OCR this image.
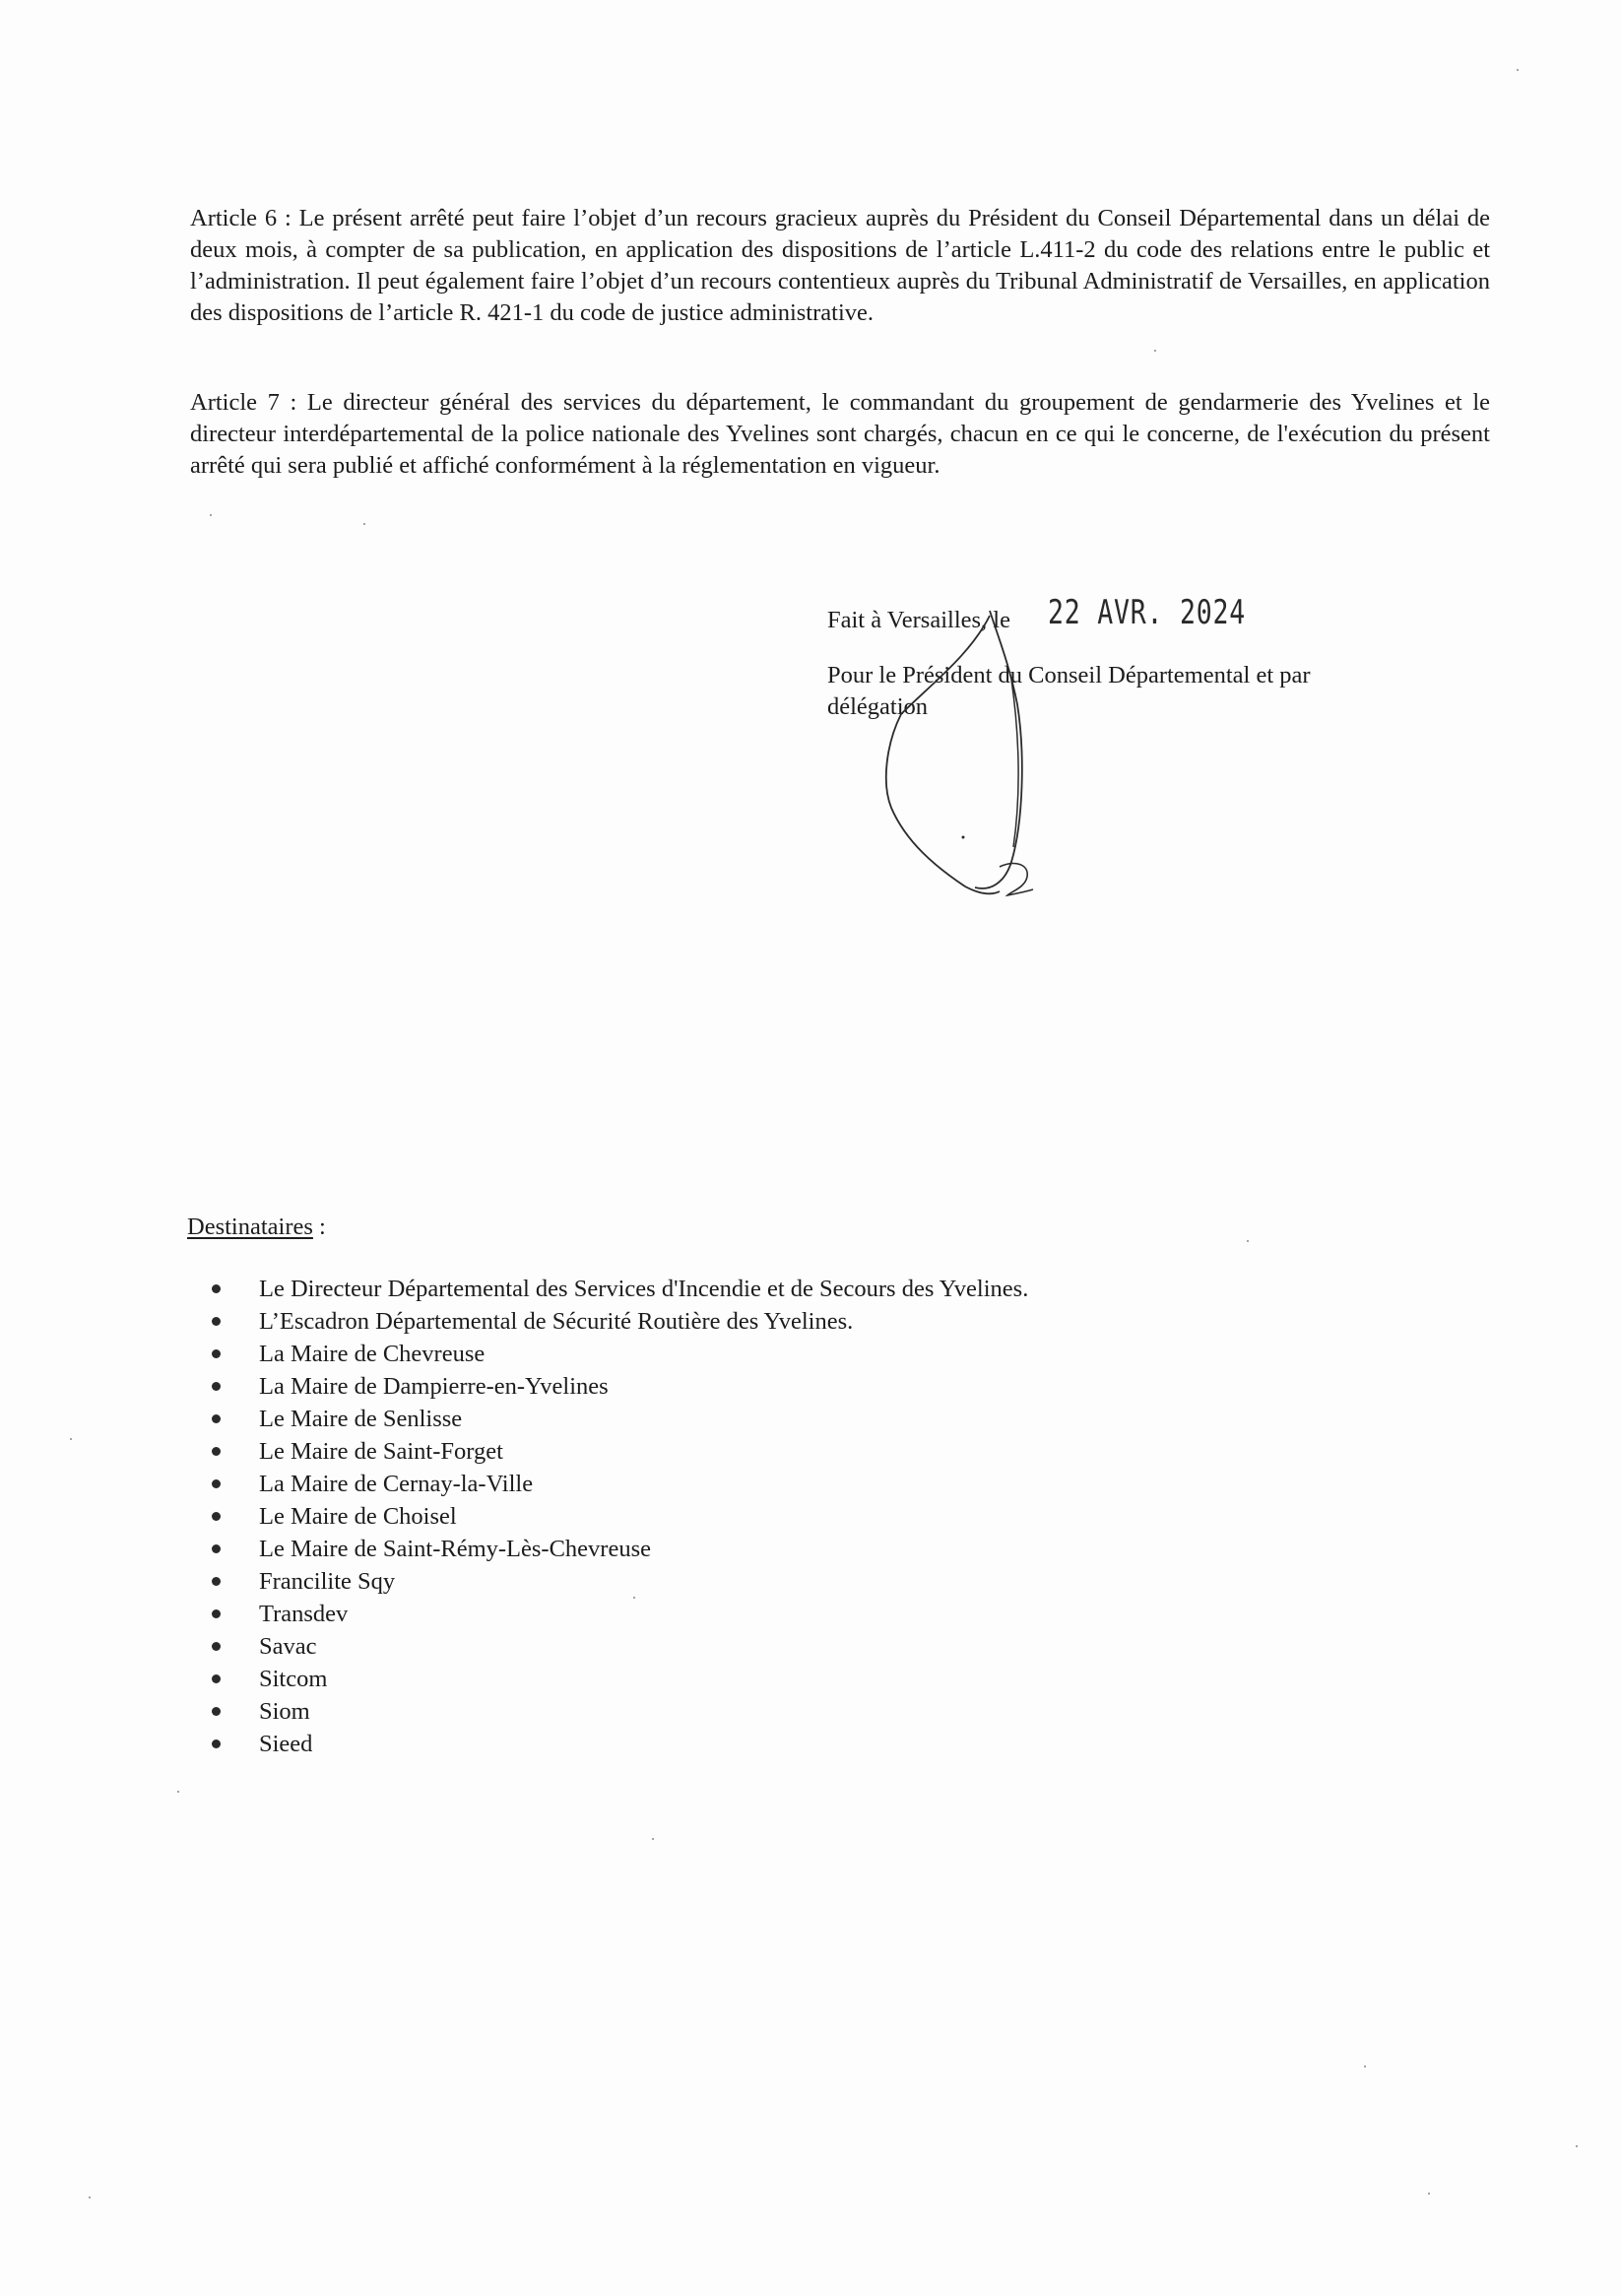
Article 6 : Le présent arrêté peut faire l’objet d’un recours gracieux auprès du Président du Conseil Départemental dans un délai de deux mois, à compter de sa publication, en application des dispositions de l’article L.411-2 du code des relations entre le public et l’administration. Il peut également faire l’objet d’un recours contentieux auprès du Tribunal Administratif de Versailles, en application des dispositions de l’article R. 421-1 du code de justice administrative.

Article 7 : Le directeur général des services du département, le commandant du groupement de gendarmerie des Yvelines et le directeur interdépartemental de la police nationale des Yvelines sont chargés, chacun en ce qui le concerne, de l'exécution du présent arrêté qui sera publié et affiché conformément à la réglementation en vigueur.

Fait à Versailles, le 22 AVR. 2024
Pour le Président du Conseil Départemental et par délégation
Destinataires :
Le Directeur Départemental des Services d'Incendie et de Secours des Yvelines.
L’Escadron Départemental de Sécurité Routière des Yvelines.
La Maire de Chevreuse
La Maire de Dampierre-en-Yvelines
Le Maire de Senlisse
Le Maire de Saint-Forget
La Maire de Cernay-la-Ville
Le Maire de Choisel
Le Maire de Saint-Rémy-Lès-Chevreuse
Francilite Sqy
Transdev
Savac
Sitcom
Siom
Sieed
